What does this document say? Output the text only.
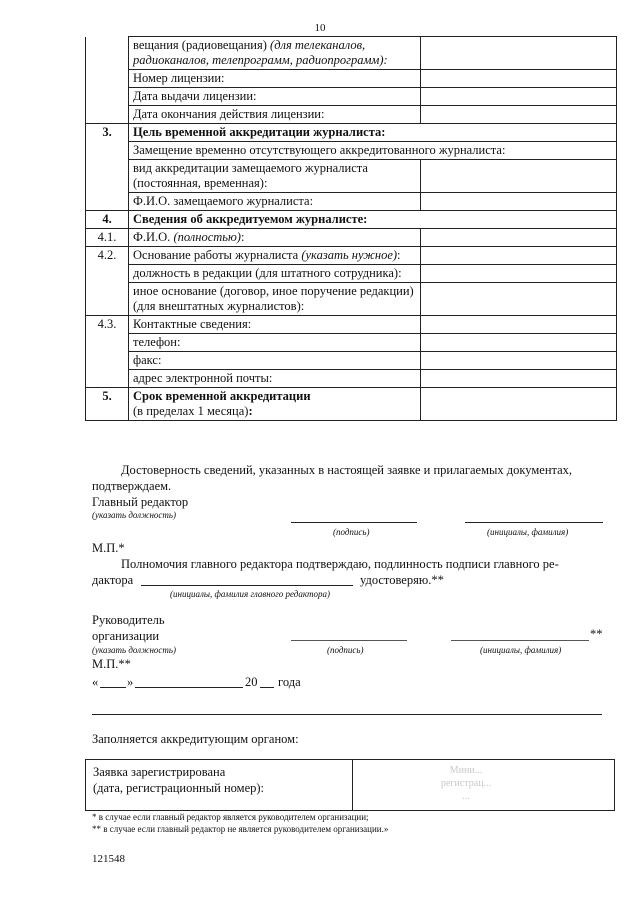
10
	вещания (радиовещания) (для телеканалов, радиоканалов, телепрограмм, радиопрограмм):	
	Номер лицензии:	
	Дата выдачи лицензии:	
	Дата окончания действия лицензии:	
3.	Цель временной аккредитации журналиста:	
	Замещение временно отсутствующего аккредитованного журналиста:	
	вид аккредитации замещаемого журналиста (постоянная, временная):	
	Ф.И.О. замещаемого журналиста:	
4.	Сведения об аккредитуемом журналисте:	
4.1.	Ф.И.О. (полностью):	
4.2.	Основание работы журналиста (указать нужное):	
	должность в редакции (для штатного сотрудника):	
	иное основание (договор, иное поручение редакции) (для внештатных журналистов):	
4.3.	Контактные сведения:	
	телефон:	
	факс:	
	адрес электронной почты:	
5.	Срок временной аккредитации
(в пределах 1 месяца):	
Достоверность сведений, указанных в настоящей заявке и прилагаемых документах,
подтверждаем.
Главный редактор
(указать должность)
(подпись)	(инициалы, фамилия)
М.П.*
Полномочия главного редактора подтверждаю, подлинность подписи главного ре-
дактора	удостоверяю.**
(инициалы, фамилия главного редактора)
Руководитель
организации	**
(указать должность)	(подпись)	(инициалы, фамилия)
М.П.**
« »	20 года
Заполняется аккредитующим органом:
Заявка зарегистрирована
(дата, регистрационный номер):
Мини...
регистрац...
...
* в случае если главный редактор является руководителем организации;
** в случае если главный редактор не является руководителем организации.»
121548
